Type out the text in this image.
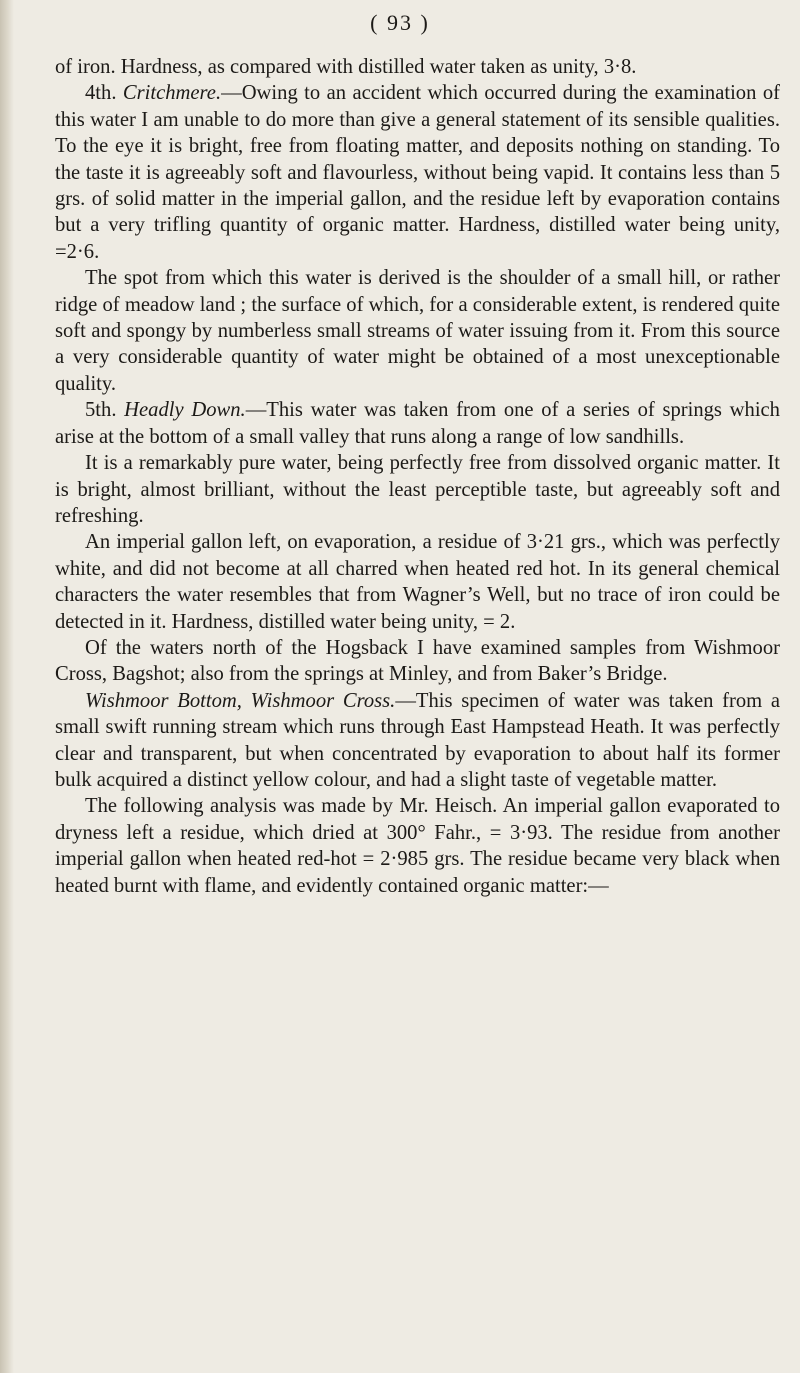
( 93 )

of iron. Hardness, as compared with distilled water taken as unity, 3·8.

4th. Critchmere.—Owing to an accident which occurred during the examination of this water I am unable to do more than give a general statement of its sensible qualities. To the eye it is bright, free from floating matter, and deposits nothing on standing. To the taste it is agreeably soft and flavourless, without being vapid. It contains less than 5 grs. of solid matter in the imperial gallon, and the residue left by evaporation contains but a very trifling quantity of organic matter. Hardness, distilled water being unity, =2·6.

The spot from which this water is derived is the shoulder of a small hill, or rather ridge of meadow land ; the surface of which, for a considerable extent, is rendered quite soft and spongy by numberless small streams of water issuing from it. From this source a very considerable quantity of water might be obtained of a most unexceptionable quality.

5th. Headly Down.—This water was taken from one of a series of springs which arise at the bottom of a small valley that runs along a range of low sandhills.

It is a remarkably pure water, being perfectly free from dissolved organic matter. It is bright, almost brilliant, without the least perceptible taste, but agreeably soft and refreshing.

An imperial gallon left, on evaporation, a residue of 3·21 grs., which was perfectly white, and did not become at all charred when heated red hot. In its general chemical characters the water resembles that from Wagner’s Well, but no trace of iron could be detected in it. Hardness, distilled water being unity, = 2.

Of the waters north of the Hogsback I have examined samples from Wishmoor Cross, Bagshot; also from the springs at Minley, and from Baker’s Bridge.

Wishmoor Bottom, Wishmoor Cross.—This specimen of water was taken from a small swift running stream which runs through East Hampstead Heath. It was perfectly clear and transparent, but when concentrated by evaporation to about half its former bulk acquired a distinct yellow colour, and had a slight taste of vegetable matter.

The following analysis was made by Mr. Heisch. An imperial gallon evaporated to dryness left a residue, which dried at 300° Fahr., = 3·93. The residue from another imperial gallon when heated red-hot = 2·985 grs. The residue became very black when heated burnt with flame, and evidently contained organic matter:—
